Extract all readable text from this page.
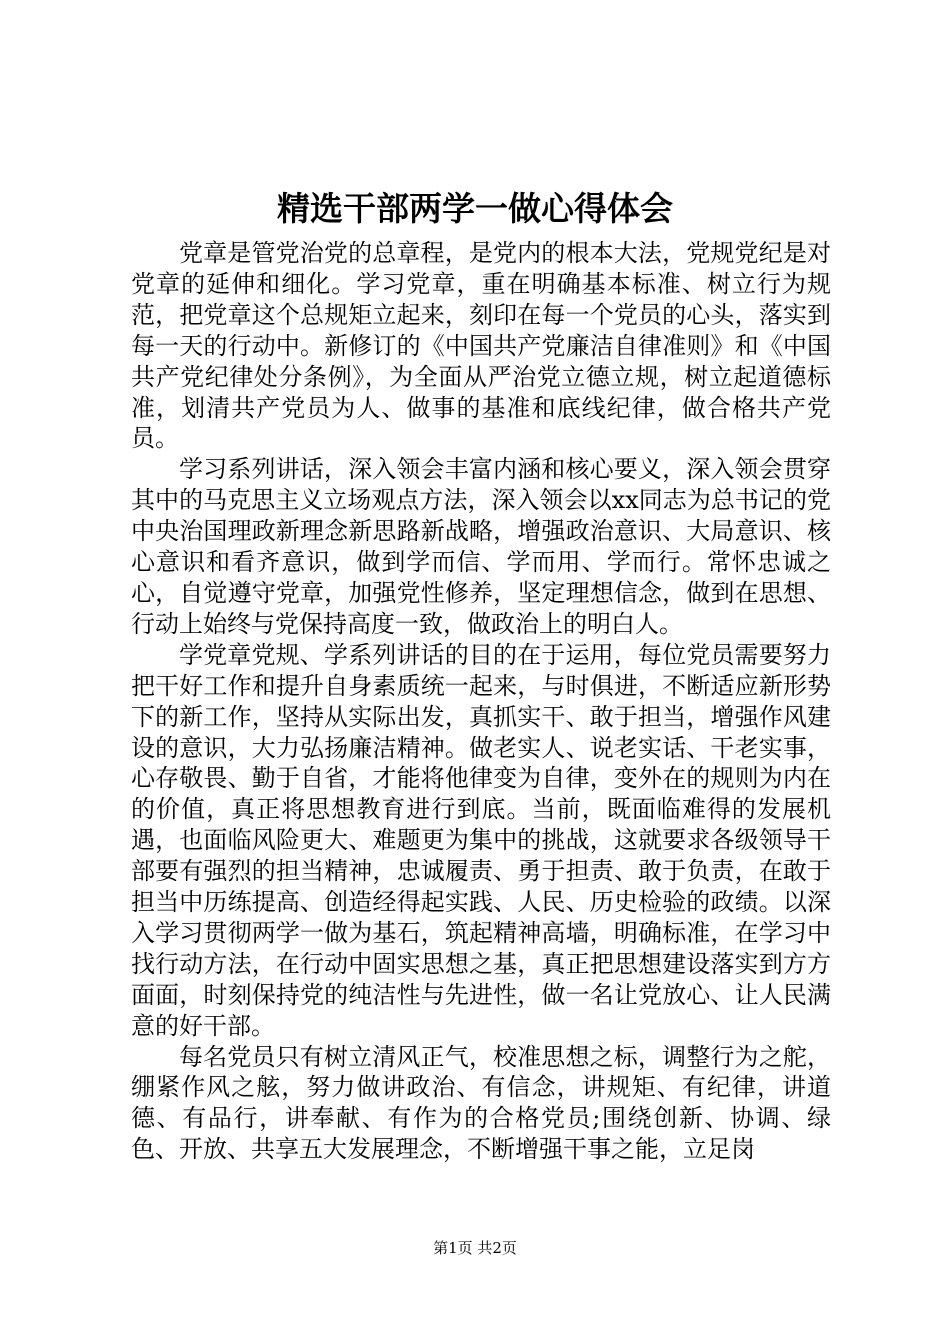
精选干部两学一做心得体会

党章是管党治党的总章程，是党内的根本大法，党规党纪是对党章的延伸和细化。学习党章，重在明确基本标准、树立行为规范，把党章这个总规矩立起来，刻印在每一个党员的心头，落实到每一天的行动中。新修订的《中国共产党廉洁自律准则》和《中国共产党纪律处分条例》，为全面从严治党立德立规，树立起道德标准，划清共产党员为人、做事的基准和底线纪律，做合格共产党员。

学习系列讲话，深入领会丰富内涵和核心要义，深入领会贯穿其中的马克思主义立场观点方法，深入领会以xx同志为总书记的党中央治国理政新理念新思路新战略，增强政治意识、大局意识、核心意识和看齐意识，做到学而信、学而用、学而行。常怀忠诚之心，自觉遵守党章，加强党性修养，坚定理想信念，做到在思想、行动上始终与党保持高度一致，做政治上的明白人。

学党章党规、学系列讲话的目的在于运用，每位党员需要努力把干好工作和提升自身素质统一起来，与时俱进，不断适应新形势下的新工作，坚持从实际出发，真抓实干、敢于担当，增强作风建设的意识，大力弘扬廉洁精神。做老实人、说老实话、干老实事，心存敬畏、勤于自省，才能将他律变为自律，变外在的规则为内在的价值，真正将思想教育进行到底。当前，既面临难得的发展机遇，也面临风险更大、难题更为集中的挑战，这就要求各级领导干部要有强烈的担当精神，忠诚履责、勇于担责、敢于负责，在敢于担当中历练提高、创造经得起实践、人民、历史检验的政绩。以深入学习贯彻两学一做为基石，筑起精神高墙，明确标准，在学习中找行动方法，在行动中固实思想之基，真正把思想建设落实到方方面面，时刻保持党的纯洁性与先进性，做一名让党放心、让人民满意的好干部。

每名党员只有树立清风正气，校准思想之标，调整行为之舵，绷紧作风之舷，努力做讲政治、有信念，讲规矩、有纪律，讲道德、有品行，讲奉献、有作为的合格党员;围绕创新、协调、绿色、开放、共享五大发展理念，不断增强干事之能，立足岗

第1页 共2页
